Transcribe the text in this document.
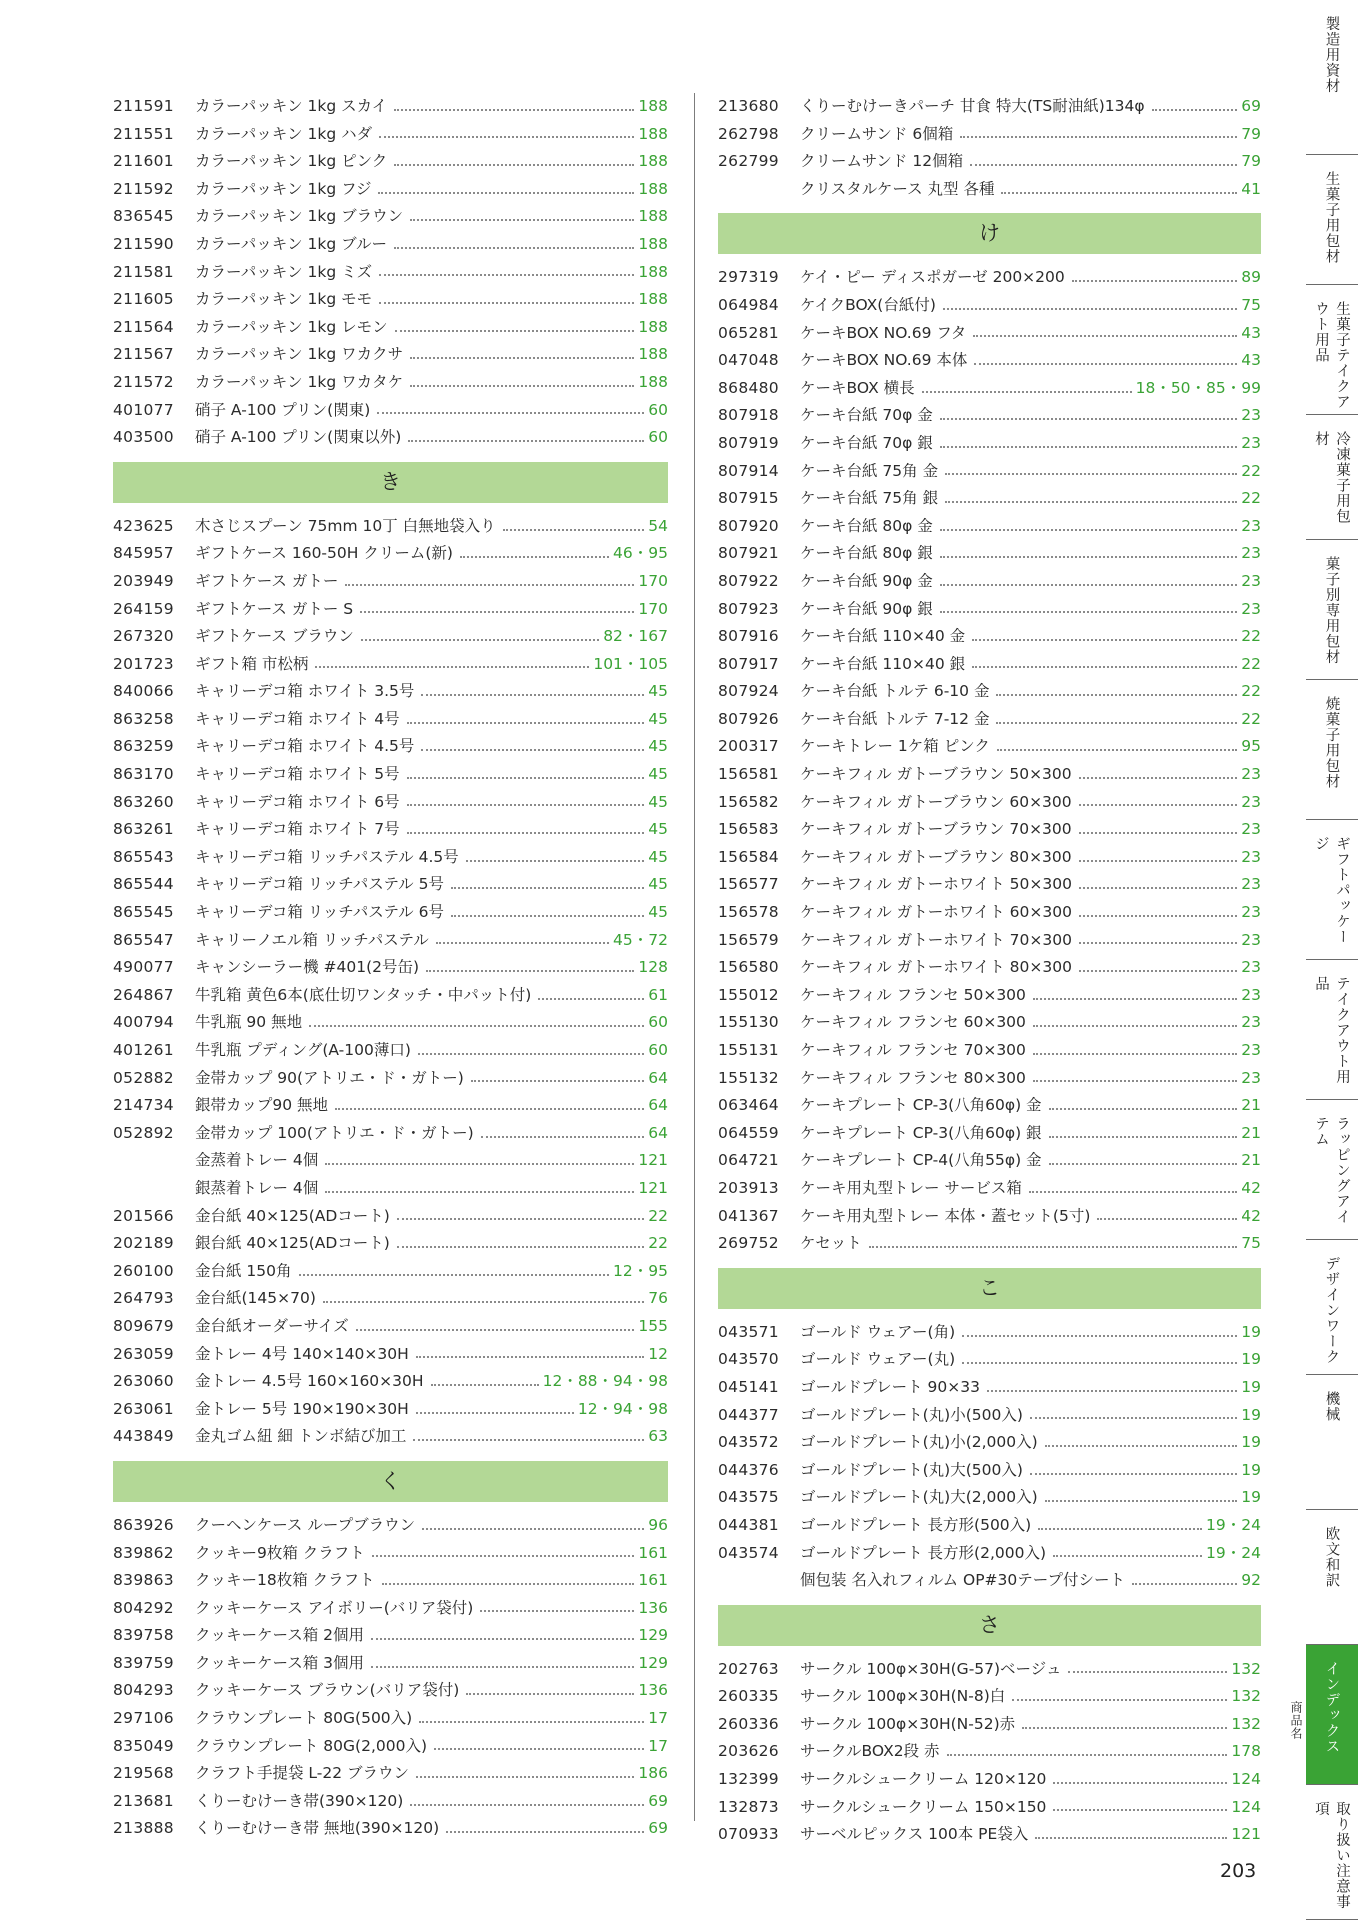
211591	カラーパッキン 1kg スカイ	188
211551	カラーパッキン 1kg ハダ	188
211601	カラーパッキン 1kg ピンク	188
211592	カラーパッキン 1kg フジ	188
836545	カラーパッキン 1kg ブラウン	188
211590	カラーパッキン 1kg ブルー	188
211581	カラーパッキン 1kg ミズ	188
211605	カラーパッキン 1kg モモ	188
211564	カラーパッキン 1kg レモン	188
211567	カラーパッキン 1kg ワカクサ	188
211572	カラーパッキン 1kg ワカタケ	188
401077	硝子 A-100 プリン(関東)	60
403500	硝子 A-100 プリン(関東以外)	60
き
423625	木さじスプーン 75mm 10丁 白無地袋入り	54
845957	ギフトケース 160-50H クリーム(新)	46・95
203949	ギフトケース ガトー	170
264159	ギフトケース ガトー S	170
267320	ギフトケース ブラウン	82・167
201723	ギフト箱 市松柄	101・105
840066	キャリーデコ箱 ホワイト 3.5号	45
863258	キャリーデコ箱 ホワイト 4号	45
863259	キャリーデコ箱 ホワイト 4.5号	45
863170	キャリーデコ箱 ホワイト 5号	45
863260	キャリーデコ箱 ホワイト 6号	45
863261	キャリーデコ箱 ホワイト 7号	45
865543	キャリーデコ箱 リッチパステル 4.5号	45
865544	キャリーデコ箱 リッチパステル 5号	45
865545	キャリーデコ箱 リッチパステル 6号	45
865547	キャリーノエル箱 リッチパステル	45・72
490077	キャンシーラー機 #401(2号缶)	128
264867	牛乳箱 黄色6本(底仕切ワンタッチ・中パット付)	61
400794	牛乳瓶 90 無地	60
401261	牛乳瓶 プディング(A-100薄口)	60
052882	金帯カップ 90(アトリエ・ド・ガトー)	64
214734	銀帯カップ90 無地	64
052892	金帯カップ 100(アトリエ・ド・ガトー)	64
金蒸着トレー 4個	121
銀蒸着トレー 4個	121
201566	金台紙 40×125(ADコート)	22
202189	銀台紙 40×125(ADコート)	22
260100	金台紙 150角	12・95
264793	金台紙(145×70)	76
809679	金台紙オーダーサイズ	155
263059	金トレー 4号 140×140×30H	12
263060	金トレー 4.5号 160×160×30H	12・88・94・98
263061	金トレー 5号 190×190×30H	12・94・98
443849	金丸ゴム紐 細 トンボ結び加工	63
く
863926	クーヘンケース ループブラウン	96
839862	クッキー9枚箱 クラフト	161
839863	クッキー18枚箱 クラフト	161
804292	クッキーケース アイボリー(バリア袋付)	136
839758	クッキーケース箱 2個用	129
839759	クッキーケース箱 3個用	129
804293	クッキーケース ブラウン(バリア袋付)	136
297106	クラウンプレート 80G(500入)	17
835049	クラウンプレート 80G(2,000入)	17
219568	クラフト手提袋 L-22 ブラウン	186
213681	くりーむけーき帯(390×120)	69
213888	くりーむけーき帯 無地(390×120)	69
213680	くりーむけーきパーチ 甘食 特大(TS耐油紙)134φ	69
262798	クリームサンド 6個箱	79
262799	クリームサンド 12個箱	79
クリスタルケース 丸型 各種	41
け
297319	ケイ・ピー ディスポガーゼ 200×200	89
064984	ケイクBOX(台紙付)	75
065281	ケーキBOX NO.69 フタ	43
047048	ケーキBOX NO.69 本体	43
868480	ケーキBOX 横長	18・50・85・99
807918	ケーキ台紙 70φ 金	23
807919	ケーキ台紙 70φ 銀	23
807914	ケーキ台紙 75角 金	22
807915	ケーキ台紙 75角 銀	22
807920	ケーキ台紙 80φ 金	23
807921	ケーキ台紙 80φ 銀	23
807922	ケーキ台紙 90φ 金	23
807923	ケーキ台紙 90φ 銀	23
807916	ケーキ台紙 110×40 金	22
807917	ケーキ台紙 110×40 銀	22
807924	ケーキ台紙 トルテ 6-10 金	22
807926	ケーキ台紙 トルテ 7-12 金	22
200317	ケーキトレー 1ケ箱 ピンク	95
156581	ケーキフィル ガトーブラウン 50×300	23
156582	ケーキフィル ガトーブラウン 60×300	23
156583	ケーキフィル ガトーブラウン 70×300	23
156584	ケーキフィル ガトーブラウン 80×300	23
156577	ケーキフィル ガトーホワイト 50×300	23
156578	ケーキフィル ガトーホワイト 60×300	23
156579	ケーキフィル ガトーホワイト 70×300	23
156580	ケーキフィル ガトーホワイト 80×300	23
155012	ケーキフィル フランセ 50×300	23
155130	ケーキフィル フランセ 60×300	23
155131	ケーキフィル フランセ 70×300	23
155132	ケーキフィル フランセ 80×300	23
063464	ケーキプレート CP-3(八角60φ) 金	21
064559	ケーキプレート CP-3(八角60φ) 銀	21
064721	ケーキプレート CP-4(八角55φ) 金	21
203913	ケーキ用丸型トレー サービス箱	42
041367	ケーキ用丸型トレー 本体・蓋セット(5寸)	42
269752	ケセット	75
こ
043571	ゴールド ウェアー(角)	19
043570	ゴールド ウェアー(丸)	19
045141	ゴールドプレート 90×33	19
044377	ゴールドプレート(丸)小(500入)	19
043572	ゴールドプレート(丸)小(2,000入)	19
044376	ゴールドプレート(丸)大(500入)	19
043575	ゴールドプレート(丸)大(2,000入)	19
044381	ゴールドプレート 長方形(500入)	19・24
043574	ゴールドプレート 長方形(2,000入)	19・24
個包装 名入れフィルム OP#30テープ付シート	92
さ
202763	サークル 100φ×30H(G-57)ベージュ	132
260335	サークル 100φ×30H(N-8)白	132
260336	サークル 100φ×30H(N-52)赤	132
203626	サークルBOX2段 赤	178
132399	サークルシュークリーム 120×120	124
132873	サークルシュークリーム 150×150	124
070933	サーベルピックス 100本 PE袋入	121
製造用資材
生菓子用包材
生菓子テイクアウト用品
冷凍菓子用包材
菓子別専用包材
焼菓子用包材
ギフトパッケージ
テイクアウト用品
ラッピングアイテム
デザインワーク
機械
欧文和訳
インデックス
取り扱い注意事項
商品名
203
